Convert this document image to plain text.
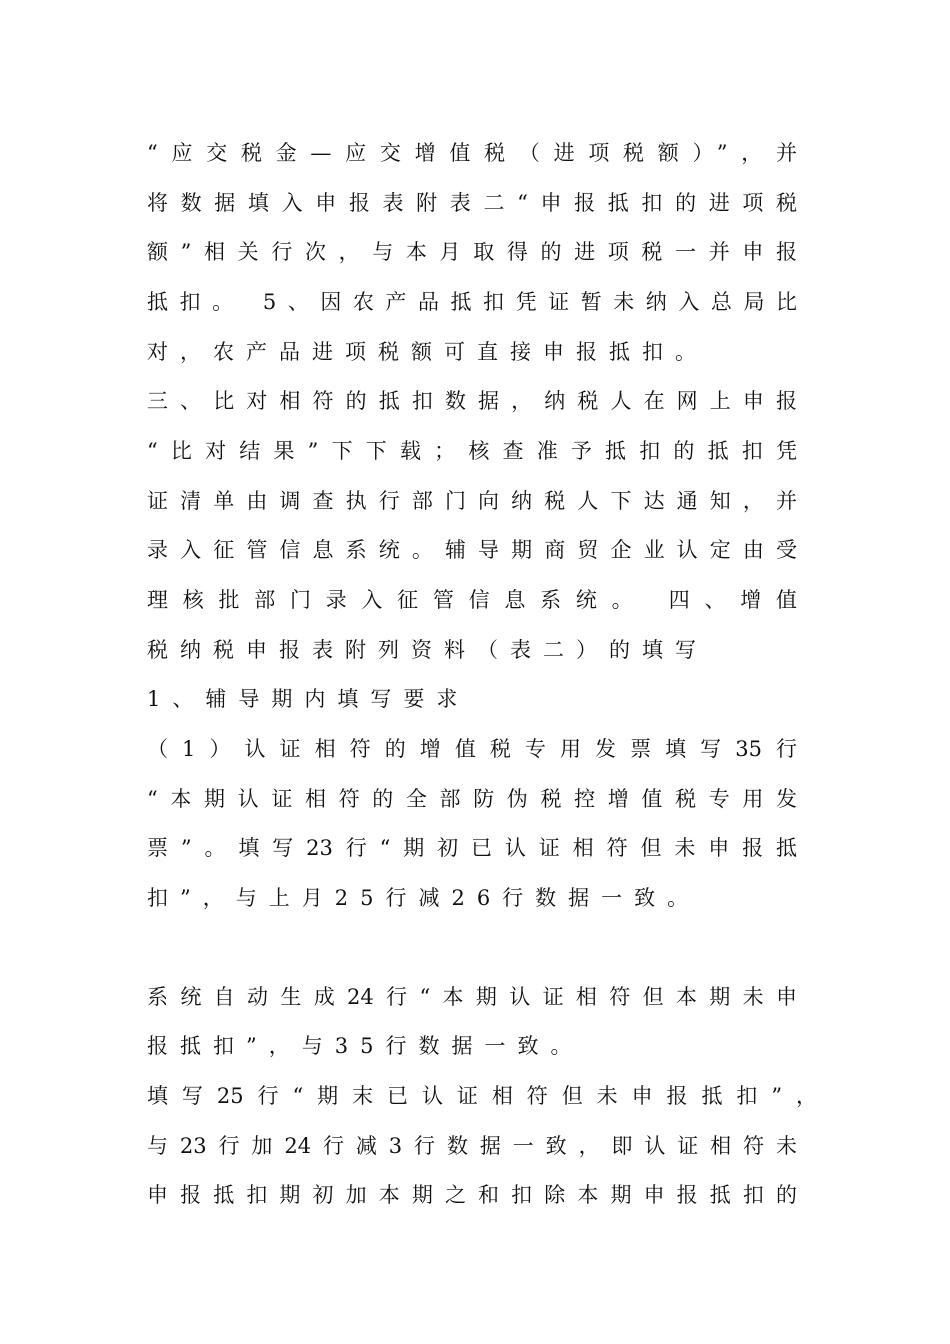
“应交税金—应交增值税（进项税额）”，并
将数据填入申报表附表二“申报抵扣的进项税
额”相关行次，与本月取得的进项税一并申报
抵扣。 5、因农产品抵扣凭证暂未纳入总局比
对，农产品进项税额可直接申报抵扣。
三、比对相符的抵扣数据，纳税人在网上申报
“比对结果”下下载；核查准予抵扣的抵扣凭
证清单由调查执行部门向纳税人下达通知，并
录入征管信息系统。辅导期商贸企业认定由受
理核批部门录入征管信息系统。 四、增值
税纳税申报表附列资料（表二）的填写
1、辅导期内填写要求
（1）认证相符的增值税专用发票填写35行
“本期认证相符的全部防伪税控增值税专用发
票”。填写23行“期初已认证相符但未申报抵
扣”，与上月25行减26行数据一致。
系统自动生成24行“本期认证相符但本期未申
报抵扣”，与35行数据一致。
填写25行“期末已认证相符但未申报抵扣”，
与23行加24行减3行数据一致，即认证相符未
申报抵扣期初加本期之和扣除本期申报抵扣的
